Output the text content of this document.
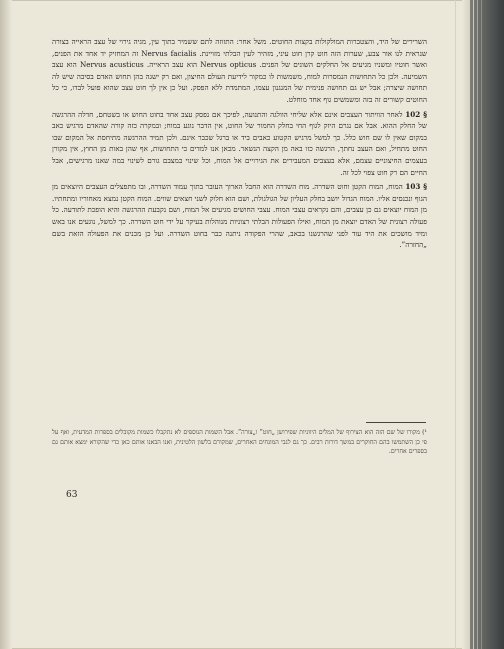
השרירים של היד, והצטברות המולקולות בקצות החוטים. משל אחר: התזוזה לתם ששמיר בתוך עין, מגיה גירוי של עצב הראייה בצורה שנראית לנו אור צבע, שערות הזה חוט קרן חוט עיני, מזהיר לעין הבלתי מזויינת. Nervus facialis זה המחזיק יד אחד את הפנים, ואשר חוטיו ומשניו מגיעים אל החלקים השונים של הפנים. Nervus opticus הוא עצב הראייה. Nervus acusticus הוא עצב השמיעה. ולכן כל התחושות הנמסרות למוח, משמשות לו כמקור לידיעת העולם החיצון, ואם רק ישגה בהן תחוש האדם בסיבה שיש לה תחושה שיצרה; אבל יש גם תחושה פנימית של המנגנון עצמו, המתמדת ללא הפסק. ועל כן אין לך חוט עצב שהוא פועל לבדו, כי כל החוטים קשורים זה בזה ומשמשים גוף אחד מוחלט.

§ 102 לאחר הוויתור העצבים אינם אלא שליחי הוולגה והתנועה, לפיכך אם נפסק עצב אחד בחוט החוש או בשטחם, חדלה ההרגשה של החלק ההוא. אבל אם נגרם היזק לגוף החי בחלק החמור של החוט, אין הדבר נוגע במוח; ובמקרה כזה קורה שהאדם מרגיש כאב במקום שאין לו שם חוש כלל. כך למשל מרגיש הקטוע כאבים ביד או ברגל שכבר אינם. ולכן תמיד ההרגשה מתיחסת אל המקום שבו החוט מתחיל, ואם העצב נחתך, הרגשה כזו באה מן הקצה הנשאר. מכאן אנו למדים כי התחושות, אף שהן באות מן החוץ, אין מקורן בעצמים החיצוניים עצמם, אלא בעצבים המעבירים את הגירויים אל המוח, וכל שינוי במצבם גורם לשינוי במה שאנו מרגישים, אבל החיים הם רק חוט צפוי לכל זה.

§ 103 המוח, המוח הקטן וחוט השדרה. מוח השדרה הוא החבל הארוך העובר בתוך עמוד השדרה, ובו מתפצלים העצבים היוצאים מן הגוף ונכנסים אליו. המוח הגדול יושב בחלק העליון של הגולגולת, ושם הוא חלוק לשני חצאים שווים. המוח הקטן נמצא מאחוריו ומתחתיו. מן המוח יוצאים גם כן עצבים, והם נקראים עצבי המוח. עצבי החושים מגיעים אל המוח, ושם נקבעת ההרגשה והיא הופכת לתודעה. כל פעולה רצונית של האדם יוצאת מן המוח, ואילו הפעולות הבלתי רצוניות מנוהלות בעיקר על ידי חוט השדרה. כך למשל, נוגעים אנו באש ומיד מושכים את היד עוד לפני שהרגשנו בכאב, שהרי הפקודה ניתנה כבר בחוט השדרה. ועל כן מכנים את הפעולה הזאת בשם „החזרה”.

¹) מקורו של שם הזה הוא הצירוף של המלים היווניות שפירושן „חוט” ו„צורה”. אבל השמות הנוספים לא נתקבלו כשמות מקובלים בספרות המדעית, ואף על פי כן השתמשו בהם החוקרים במשך דורות רבים. כך גם לגבי המונחים האחרים, שמקורם בלשון הלטינית, ואנו הבאנו אותם כאן כדי שהקורא ימצא אותם גם בספרים אחרים.
63
